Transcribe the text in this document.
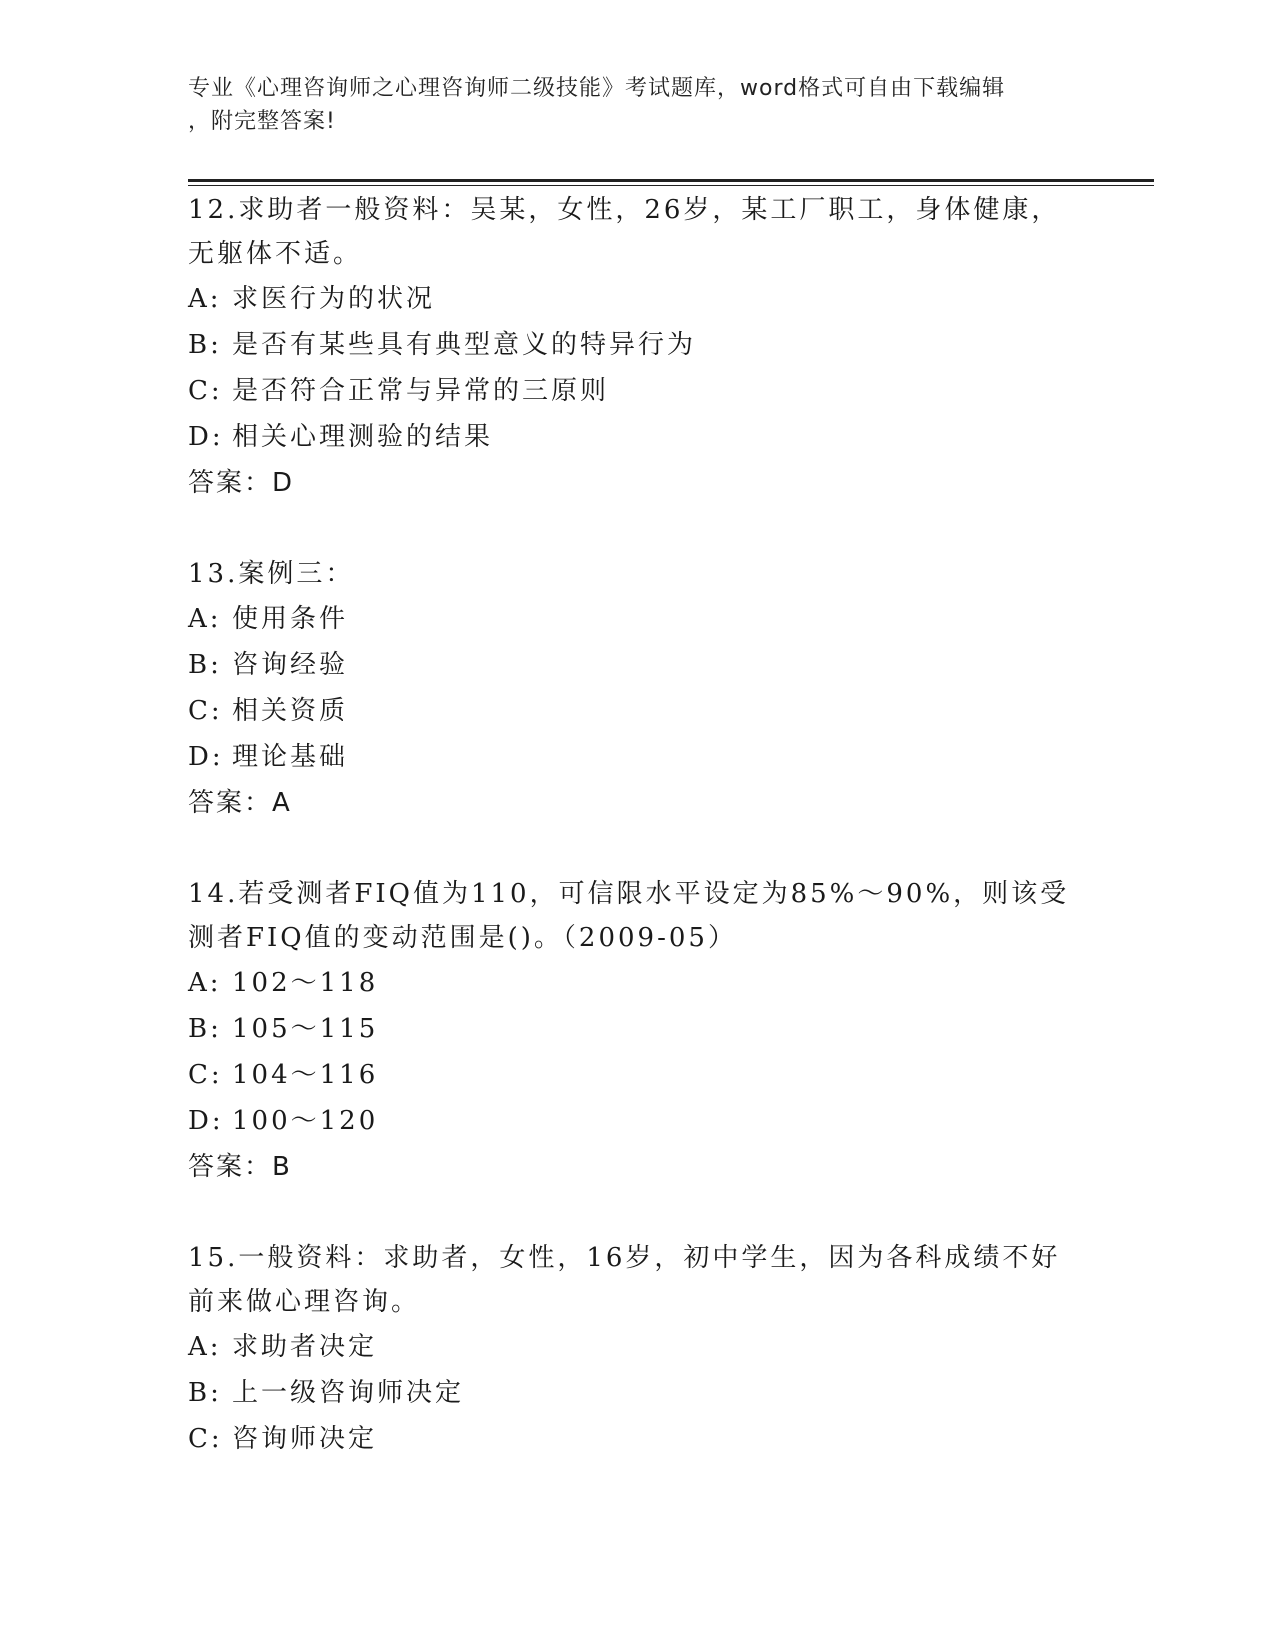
专业《心理咨询师之心理咨询师二级技能》考试题库，word格式可自由下载编辑
，附完整答案!

12.求助者一般资料：吴某，女性，26岁，某工厂职工，身体健康，无躯体不适。

A: 求医行为的状况

B: 是否有某些具有典型意义的特异行为

C: 是否符合正常与异常的三原则

D: 相关心理测验的结果

答案：D

13.案例三：

A: 使用条件

B: 咨询经验

C: 相关资质

D: 理论基础

答案：A

14.若受测者FIQ值为110，可信限水平设定为85%～90%，则该受测者FIQ值的变动范围是()。（2009-05）

A: 102～118

B: 105～115

C: 104～116

D: 100～120

答案：B

15.一般资料：求助者，女性，16岁，初中学生，因为各科成绩不好前来做心理咨询。

A: 求助者决定

B: 上一级咨询师决定

C: 咨询师决定
